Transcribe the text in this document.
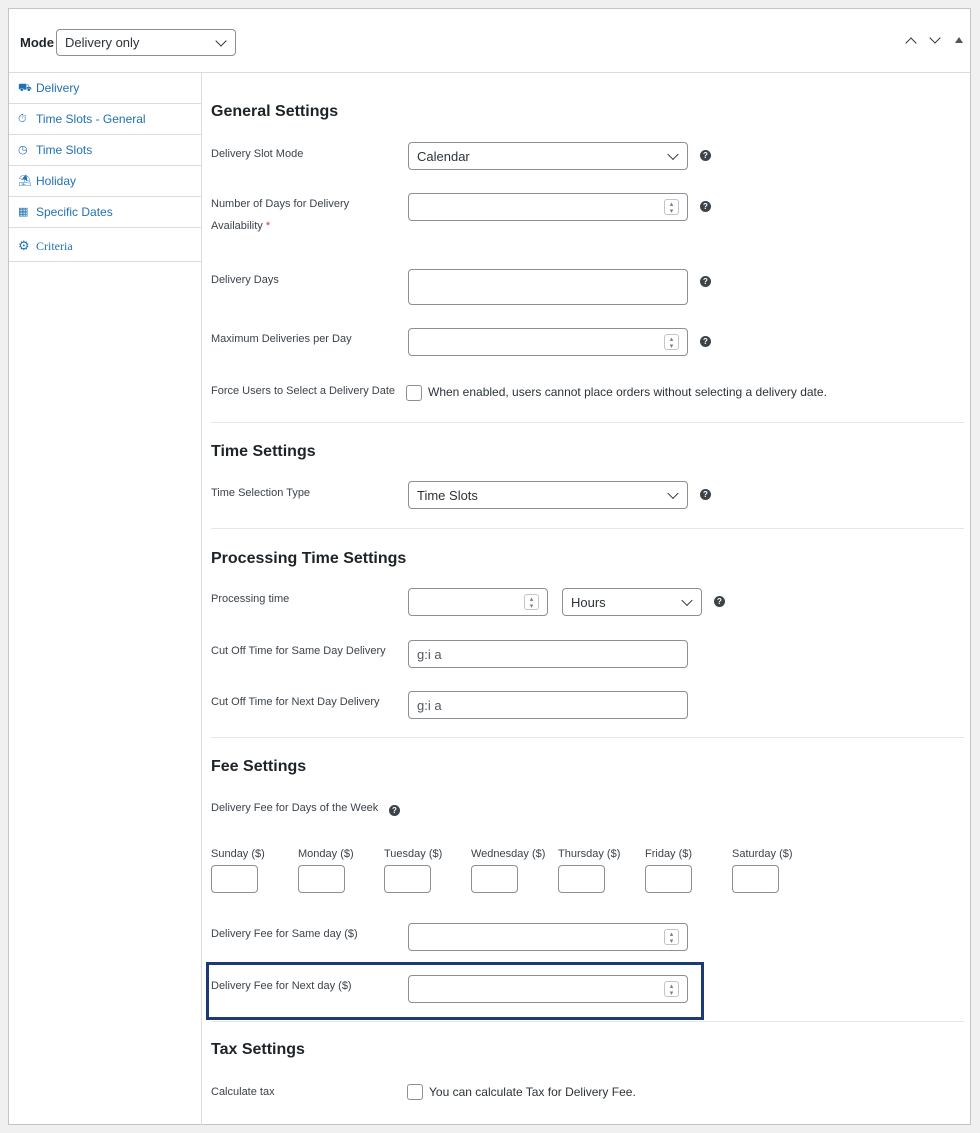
Mode Delivery only
⛟ Delivery
⏱ Time Slots - General
◷ Time Slots
⛱ Holiday
▦ Specific Dates
⚙ Criteria
General Settings
Delivery Slot Mode	Calendar	?
Number of Days for Delivery
Availability *
▴
▾
?
Delivery Days	?
Maximum Deliveries per Day	▴
▾
?
Force Users to Select a Delivery Date	When enabled, users cannot place orders without selecting a delivery date.
Time Settings
Time Selection Type	Time Slots	?
Processing Time Settings
Processing time	▴
▾	Hours	?
Cut Off Time for Same Day Delivery g:i a
Cut Off Time for Next Day Delivery	g:i a
Fee Settings
Delivery Fee for Days of the Week	?
Sunday ($)	Monday ($)	Tuesday ($)	Wednesday ($) Thursday ($) Friday ($)	Saturday ($)
Delivery Fee for Same day ($)	▴
▾
Delivery Fee for Next day ($)	▴
▾
Tax Settings
Calculate tax	You can calculate Tax for Delivery Fee.
